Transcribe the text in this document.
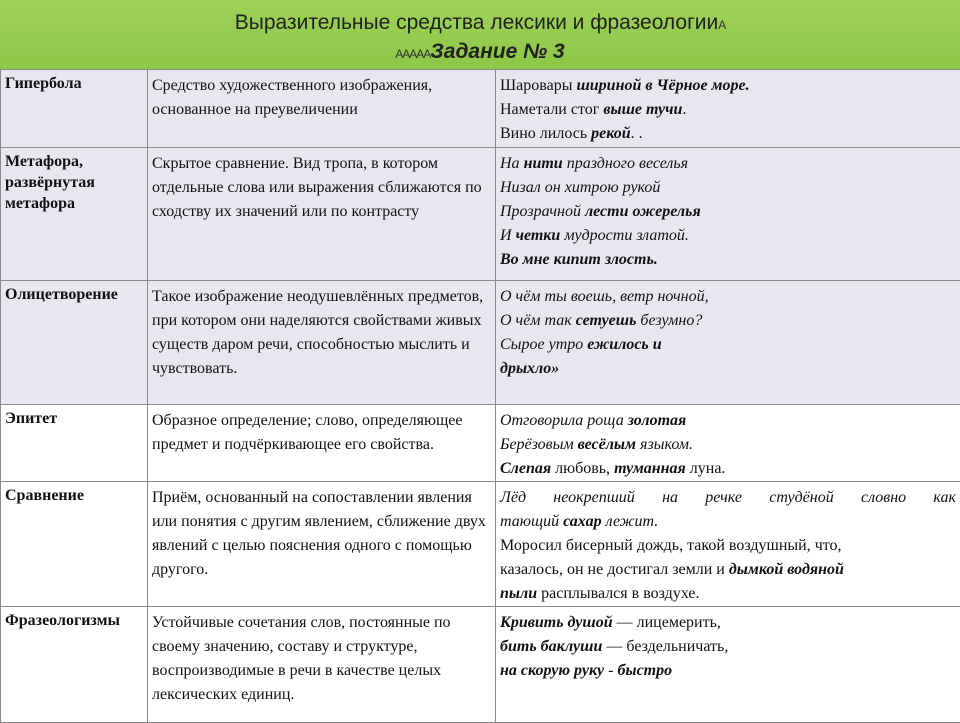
Выразительные средства лексики и фразеологииА
АААААЗадание № 3
Гипербола	Средство художественного изображения, основанное на преувеличении	Шаровары шириной в Чёрное море.
Наметали стог выше тучи.
Вино лилось рекой. .

Метафора, развёрнутая метафора	Скрытое сравнение. Вид тропа, в котором отдельные слова или выражения сближаются по сходству их значений или по контрасту	На нити праздного веселья
Низал он хитрою рукой
Прозрачной лести ожерелья
И четки мудрости златой.
Во мне кипит злость.

Олицетворение	Такое изображение неодушевлённых предметов, при котором они наделяются свойствами живых существ даром речи, способностью мыслить и чувствовать.	О чём ты воешь, ветр ночной,
О чём так сетуешь безумно?
Сырое утро ежилось и
дрыхло»

Эпитет	Образное определение; слово, определяющее предмет и подчёркивающее его свойства.	Отговорила роща золотая
Берёзовым весёлым языком.
Слепая любовь, туманная луна.

Сравнение	Приём, основанный на сопоставлении явления или понятия с другим явлением, сближение двух явлений с целью пояснения одного с помощью другого.	Лёд неокрепший на речке студёной словно как
тающий сахар лежит.
Моросил бисерный дождь, такой воздушный, что,
казалось, он не достигал земли и дымкой водяной
пыли расплывался в воздухе.

Фразеологизмы	Устойчивые сочетания слов, постоянные по своему значению, составу и структуре, воспроизводимые в речи в качестве целых лексических единиц.	Кривить душой — лицемерить,
бить баклуши — бездельничать,
на скорую руку - быстро
